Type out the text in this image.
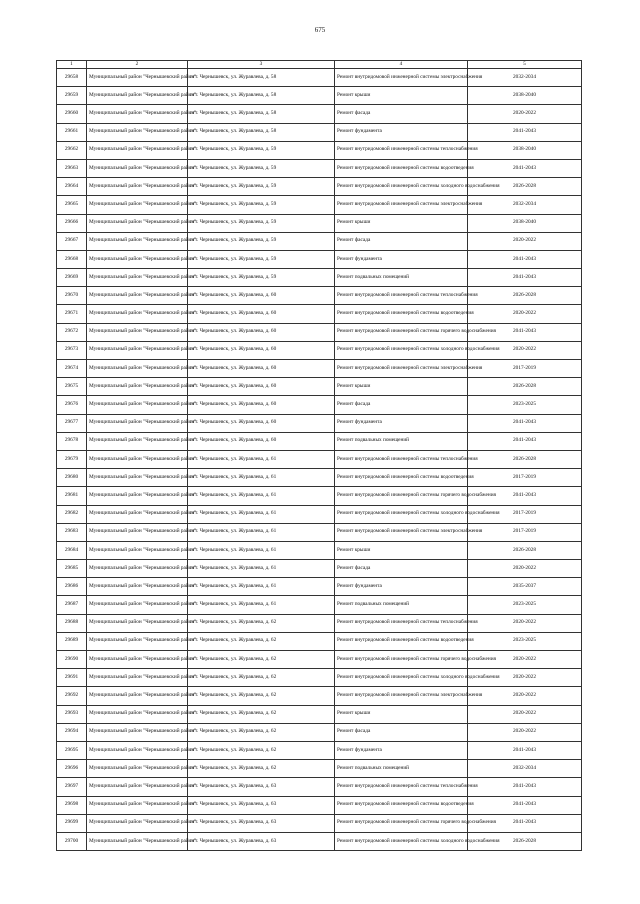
675
1	2	3	4	5
29658	Муниципальный район "Чернышевский район"	пгт. Чернышевск, ул. Журавлева, д. 58	Ремонт внутридомовой инженерной системы электроснабжения	2032-2034
29659	Муниципальный район "Чернышевский район"	пгт. Чернышевск, ул. Журавлева, д. 58	Ремонт крыши	2038-2040
29660	Муниципальный район "Чернышевский район"	пгт. Чернышевск, ул. Журавлева, д. 58	Ремонт фасада	2020-2022
29661	Муниципальный район "Чернышевский район"	пгт. Чернышевск, ул. Журавлева, д. 58	Ремонт фундамента	2041-2043
29662	Муниципальный район "Чернышевский район"	пгт. Чернышевск, ул. Журавлева, д. 59	Ремонт внутридомовой инженерной системы теплоснабжения	2038-2040
29663	Муниципальный район "Чернышевский район"	пгт. Чернышевск, ул. Журавлева, д. 59	Ремонт внутридомовой инженерной системы водоотведения	2041-2043
29664	Муниципальный район "Чернышевский район"	пгт. Чернышевск, ул. Журавлева, д. 59	Ремонт внутридомовой инженерной системы холодного водоснабжения	2026-2028
29665	Муниципальный район "Чернышевский район"	пгт. Чернышевск, ул. Журавлева, д. 59	Ремонт внутридомовой инженерной системы электроснабжения	2032-2034
29666	Муниципальный район "Чернышевский район"	пгт. Чернышевск, ул. Журавлева, д. 59	Ремонт крыши	2038-2040
29667	Муниципальный район "Чернышевский район"	пгт. Чернышевск, ул. Журавлева, д. 59	Ремонт фасада	2020-2022
29668	Муниципальный район "Чернышевский район"	пгт. Чернышевск, ул. Журавлева, д. 59	Ремонт фундамента	2041-2043
29669	Муниципальный район "Чернышевский район"	пгт. Чернышевск, ул. Журавлева, д. 59	Ремонт подвальных помещений	2041-2043
29670	Муниципальный район "Чернышевский район"	пгт. Чернышевск, ул. Журавлева, д. 60	Ремонт внутридомовой инженерной системы теплоснабжения	2026-2028
29671	Муниципальный район "Чернышевский район"	пгт. Чернышевск, ул. Журавлева, д. 60	Ремонт внутридомовой инженерной системы водоотведения	2020-2022
29672	Муниципальный район "Чернышевский район"	пгт. Чернышевск, ул. Журавлева, д. 60	Ремонт внутридомовой инженерной системы горячего водоснабжения	2041-2043
29673	Муниципальный район "Чернышевский район"	пгт. Чернышевск, ул. Журавлева, д. 60	Ремонт внутридомовой инженерной системы холодного водоснабжения	2020-2022
29674	Муниципальный район "Чернышевский район"	пгт. Чернышевск, ул. Журавлева, д. 60	Ремонт внутридомовой инженерной системы электроснабжения	2017-2019
29675	Муниципальный район "Чернышевский район"	пгт. Чернышевск, ул. Журавлева, д. 60	Ремонт крыши	2026-2028
29676	Муниципальный район "Чернышевский район"	пгт. Чернышевск, ул. Журавлева, д. 60	Ремонт фасада	2023-2025
29677	Муниципальный район "Чернышевский район"	пгт. Чернышевск, ул. Журавлева, д. 60	Ремонт фундамента	2041-2043
29678	Муниципальный район "Чернышевский район"	пгт. Чернышевск, ул. Журавлева, д. 60	Ремонт подвальных помещений	2041-2043
29679	Муниципальный район "Чернышевский район"	пгт. Чернышевск, ул. Журавлева, д. 61	Ремонт внутридомовой инженерной системы теплоснабжения	2026-2028
29680	Муниципальный район "Чернышевский район"	пгт. Чернышевск, ул. Журавлева, д. 61	Ремонт внутридомовой инженерной системы водоотведения	2017-2019
29681	Муниципальный район "Чернышевский район"	пгт. Чернышевск, ул. Журавлева, д. 61	Ремонт внутридомовой инженерной системы горячего водоснабжения	2041-2043
29682	Муниципальный район "Чернышевский район"	пгт. Чернышевск, ул. Журавлева, д. 61	Ремонт внутридомовой инженерной системы холодного водоснабжения	2017-2019
29683	Муниципальный район "Чернышевский район"	пгт. Чернышевск, ул. Журавлева, д. 61	Ремонт внутридомовой инженерной системы электроснабжения	2017-2019
29684	Муниципальный район "Чернышевский район"	пгт. Чернышевск, ул. Журавлева, д. 61	Ремонт крыши	2026-2028
29685	Муниципальный район "Чернышевский район"	пгт. Чернышевск, ул. Журавлева, д. 61	Ремонт фасада	2020-2022
29686	Муниципальный район "Чернышевский район"	пгт. Чернышевск, ул. Журавлева, д. 61	Ремонт фундамента	2035-2037
29687	Муниципальный район "Чернышевский район"	пгт. Чернышевск, ул. Журавлева, д. 61	Ремонт подвальных помещений	2023-2025
29688	Муниципальный район "Чернышевский район"	пгт. Чернышевск, ул. Журавлева, д. 62	Ремонт внутридомовой инженерной системы теплоснабжения	2020-2022
29689	Муниципальный район "Чернышевский район"	пгт. Чернышевск, ул. Журавлева, д. 62	Ремонт внутридомовой инженерной системы водоотведения	2023-2025
29690	Муниципальный район "Чернышевский район"	пгт. Чернышевск, ул. Журавлева, д. 62	Ремонт внутридомовой инженерной системы горячего водоснабжения	2020-2022
29691	Муниципальный район "Чернышевский район"	пгт. Чернышевск, ул. Журавлева, д. 62	Ремонт внутридомовой инженерной системы холодного водоснабжения	2020-2022
29692	Муниципальный район "Чернышевский район"	пгт. Чернышевск, ул. Журавлева, д. 62	Ремонт внутридомовой инженерной системы электроснабжения	2020-2022
29693	Муниципальный район "Чернышевский район"	пгт. Чернышевск, ул. Журавлева, д. 62	Ремонт крыши	2020-2022
29694	Муниципальный район "Чернышевский район"	пгт. Чернышевск, ул. Журавлева, д. 62	Ремонт фасада	2020-2022
29695	Муниципальный район "Чернышевский район"	пгт. Чернышевск, ул. Журавлева, д. 62	Ремонт фундамента	2041-2043
29696	Муниципальный район "Чернышевский район"	пгт. Чернышевск, ул. Журавлева, д. 62	Ремонт подвальных помещений	2032-2034
29697	Муниципальный район "Чернышевский район"	пгт. Чернышевск, ул. Журавлева, д. 63	Ремонт внутридомовой инженерной системы теплоснабжения	2041-2043
29698	Муниципальный район "Чернышевский район"	пгт. Чернышевск, ул. Журавлева, д. 63	Ремонт внутридомовой инженерной системы водоотведения	2041-2043
29699	Муниципальный район "Чернышевский район"	пгт. Чернышевск, ул. Журавлева, д. 63	Ремонт внутридомовой инженерной системы горячего водоснабжения	2041-2043
29700	Муниципальный район "Чернышевский район"	пгт. Чернышевск, ул. Журавлева, д. 63	Ремонт внутридомовой инженерной системы холодного водоснабжения	2026-2028
